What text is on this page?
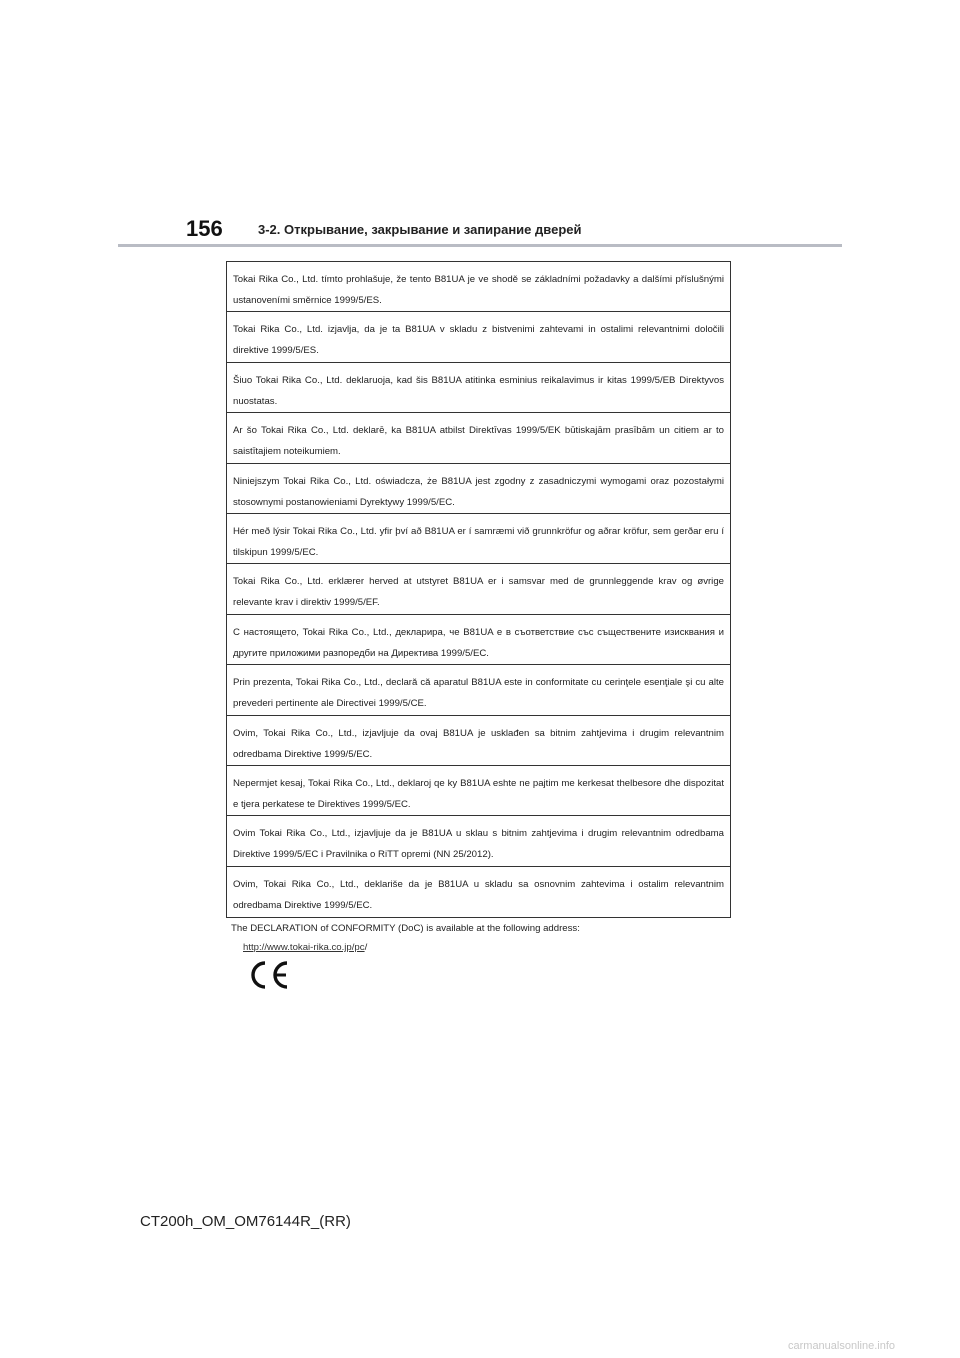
156	3-2. Открывание, закрывание и запирание дверей
Tokai Rika Co., Ltd. tímto prohlašuje, že tento B81UA je ve shodě se základními požadavky a dalšími příslušnými ustanoveními směrnice 1999/5/ES.
Tokai Rika Co., Ltd. izjavlja, da je ta B81UA v skladu z bistvenimi zahtevami in ostalimi relevantnimi določili direktive 1999/5/ES.
Šiuo Tokai Rika Co., Ltd. deklaruoja, kad šis B81UA atitinka esminius reikalavimus ir kitas 1999/5/EB Direktyvos nuostatas.
Ar šo Tokai Rika Co., Ltd. deklarē, ka B81UA atbilst Direktīvas 1999/5/EK būtiskajām prasībām un citiem ar to saistītajiem noteikumiem.
Niniejszym Tokai Rika Co., Ltd. oświadcza, że B81UA jest zgodny z zasadniczymi wymogami oraz pozostałymi stosownymi postanowieniami Dyrektywy 1999/5/EC.
Hér með lýsir Tokai Rika Co., Ltd. yfir því að B81UA er í samræmi við grunnkröfur og aðrar kröfur, sem gerðar eru í tilskipun 1999/5/EC.
Tokai Rika Co., Ltd. erklærer herved at utstyret B81UA er i samsvar med de grunnleggende krav og øvrige relevante krav i direktiv 1999/5/EF.
С настоящето, Tokai Rika Co., Ltd., декларира, че B81UA е в съответствие със съществените изисквания и другите приложими разпоредби на Директива 1999/5/ЕС.
Prin prezenta, Tokai Rika Co., Ltd., declară că aparatul B81UA este in conformitate cu cerinţele esenţiale şi cu alte prevederi pertinente ale Directivei 1999/5/CE.
Ovim, Tokai Rika Co., Ltd., izjavljuje da ovaj B81UA je usklađen sa bitnim zahtjevima i drugim relevantnim odredbama Direktive 1999/5/EC.
Nepermjet kesaj, Tokai Rika Co., Ltd., deklaroj qe ky B81UA eshte ne pajtim me kerkesat thelbesore dhe dispozitat e tjera perkatese te Direktives 1999/5/EC.
Ovim Tokai Rika Co., Ltd., izjavljuje da je B81UA u sklau s bitnim zahtjevima i drugim relevantnim odredbama Direktive 1999/5/EC i Pravilnika o RiTT opremi (NN 25/2012).
Ovim, Tokai Rika Co., Ltd., deklariše da je B81UA u skladu sa osnovnim zahtevima i ostalim relevantnim odredbama Direktive 1999/5/EC.
The DECLARATION of CONFORMITY (DoC) is available at the following address:
http://www.tokai-rika.co.jp/pc/
CT200h_OM_OM76144R_(RR)
carmanualsonline.info
